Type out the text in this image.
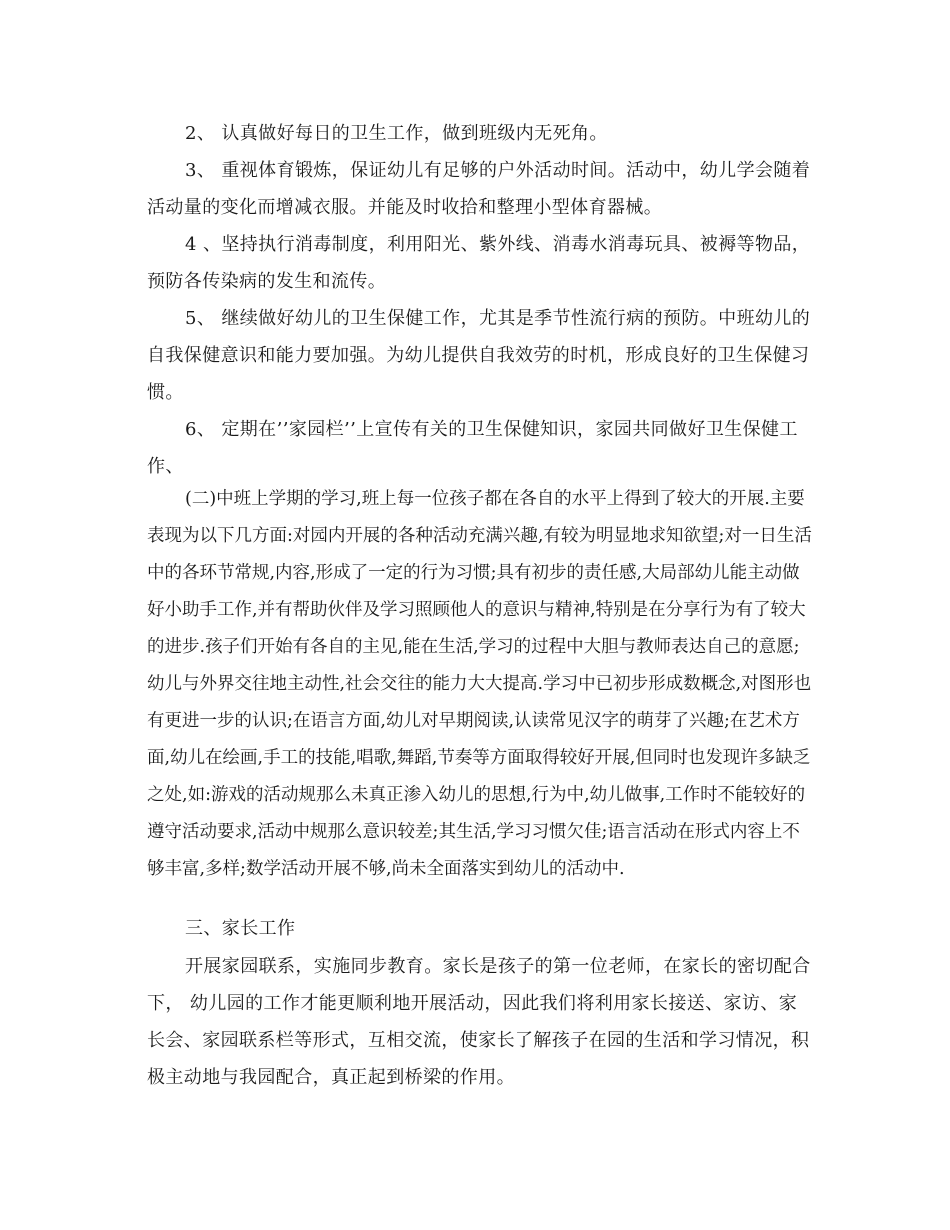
2、 认真做好每日的卫生工作，做到班级内无死角。

3、 重视体育锻炼，保证幼儿有足够的户外活动时间。活动中，幼儿学会随着活动量的变化而增减衣服。并能及时收拾和整理小型体育器械。

4 、坚持执行消毒制度，利用阳光、紫外线、消毒水消毒玩具、被褥等物品，预防各传染病的发生和流传。

5、 继续做好幼儿的卫生保健工作，尤其是季节性流行病的预防。中班幼儿的自我保健意识和能力要加强。为幼儿提供自我效劳的时机，形成良好的卫生保健习惯。

6、 定期在’’家园栏’’上宣传有关的卫生保健知识，家园共同做好卫生保健工作、

(二)中班上学期的学习,班上每一位孩子都在各自的水平上得到了较大的开展.主要表现为以下几方面:对园内开展的各种活动充满兴趣,有较为明显地求知欲望;对一日生活中的各环节常规,内容,形成了一定的行为习惯;具有初步的责任感,大局部幼儿能主动做好小助手工作,并有帮助伙伴及学习照顾他人的意识与精神,特别是在分享行为有了较大的进步.孩子们开始有各自的主见,能在生活,学习的过程中大胆与教师表达自己的意愿;幼儿与外界交往地主动性,社会交往的能力大大提高.学习中已初步形成数概念,对图形也有更进一步的认识;在语言方面,幼儿对早期阅读,认读常见汉字的萌芽了兴趣;在艺术方面,幼儿在绘画,手工的技能,唱歌,舞蹈,节奏等方面取得较好开展,但同时也发现许多缺乏之处,如:游戏的活动规那么未真正渗入幼儿的思想,行为中,幼儿做事,工作时不能较好的遵守活动要求,活动中规那么意识较差;其生活,学习习惯欠佳;语言活动在形式内容上不够丰富,多样;数学活动开展不够,尚未全面落实到幼儿的活动中.

三、家长工作

开展家园联系，实施同步教育。家长是孩子的第一位老师，在家长的密切配合下， 幼儿园的工作才能更顺利地开展活动，因此我们将利用家长接送、家访、家长会、家园联系栏等形式，互相交流，使家长了解孩子在园的生活和学习情况，积极主动地与我园配合，真正起到桥梁的作用。
